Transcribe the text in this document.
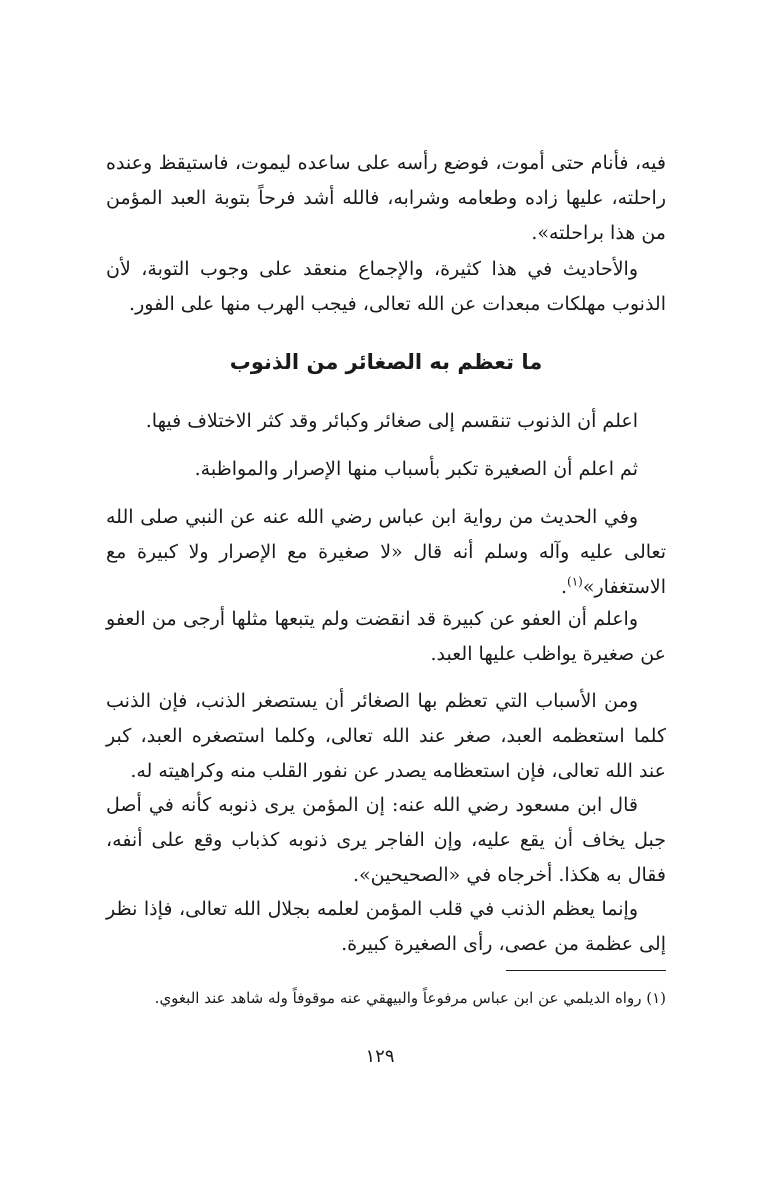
فيه، فأنام حتى أموت، فوضع رأسه على ساعده ليموت، فاستيقظ وعنده راحلته، عليها زاده وطعامه وشرابه، فالله أشد فرحاً بتوبة العبد المؤمن من هذا براحلته».

والأحاديث في هذا كثيرة، والإجماع منعقد على وجوب التوبة، لأن الذنوب مهلكات مبعدات عن الله تعالى، فيجب الهرب منها على الفور.

ما تعظم به الصغائر من الذنوب

اعلم أن الذنوب تنقسم إلى صغائر وكبائر وقد كثر الاختلاف فيها.

ثم اعلم أن الصغيرة تكبر بأسباب منها الإصرار والمواظبة.

وفي الحديث من رواية ابن عباس رضي الله عنه عن النبي صلى الله تعالى عليه وآله وسلم أنه قال «لا صغيرة مع الإصرار ولا كبيرة مع الاستغفار»$^{(١)}$.

واعلم أن العفو عن كبيرة قد انقضت ولم يتبعها مثلها أرجى من العفو عن صغيرة يواظب عليها العبد.

ومن الأسباب التي تعظم بها الصغائر أن يستصغر الذنب، فإن الذنب كلما استعظمه العبد، صغر عند الله تعالى، وكلما استصغره العبد، كبر عند الله تعالى، فإن استعظامه يصدر عن نفور القلب منه وكراهيته له.

قال ابن مسعود رضي الله عنه: إن المؤمن يرى ذنوبه كأنه في أصل جبل يخاف أن يقع عليه، وإن الفاجر يرى ذنوبه كذباب وقع على أنفه، فقال به هكذا. أخرجاه في «الصحيحين».

وإنما يعظم الذنب في قلب المؤمن لعلمه بجلال الله تعالى، فإذا نظر إلى عظمة من عصى، رأى الصغيرة كبيرة.

(١) رواه الديلمي عن ابن عباس مرفوعاً والبيهقي عنه موقوفاً وله شاهد عند البغوي.

١٢٩
